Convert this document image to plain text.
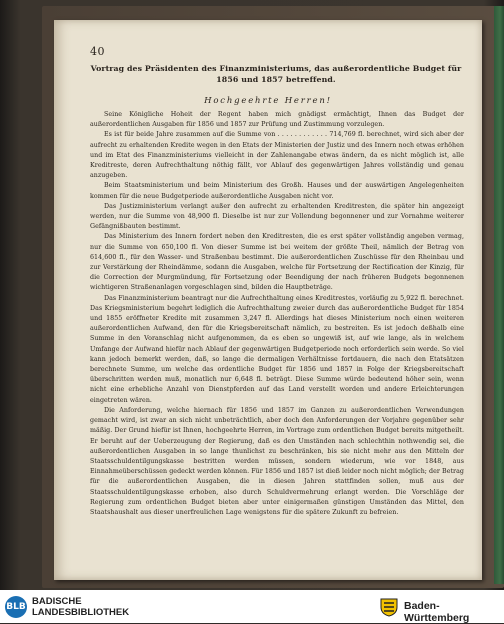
40
Vortrag des Präsidenten des Finanzministeriums, das außerordentliche Budget für 1856 und 1857 betreffend.
Hochgeehrte Herren!

Seine Königliche Hoheit der Regent haben mich gnädigst ermächtigt, Ihnen das Budget der außerordentlichen Ausgaben für 1856 und 1857 zur Prüfung und Zustimmung vorzulegen.

Es ist für beide Jahre zusammen auf die Summe von . . . . . . . . . . . . 714,769 fl. berechnet, wird sich aber der aufrecht zu erhaltenden Kredite wegen in den Etats der Ministerien der Justiz und des Innern noch etwas erhöhen und im Etat des Finanzministeriums vielleicht in der Zahlenangabe etwas ändern, da es nicht möglich ist, alle Kreditreste, deren Aufrechthaltung nöthig fällt, vor Ablauf des gegenwärtigen Jahres vollständig und genau anzugeben.

Beim Staatsministerium und beim Ministerium des Großh. Hauses und der auswärtigen Angelegenheiten kommen für die neue Budgetperiode außerordentliche Ausgaben nicht vor.

Das Justizministerium verlangt außer den aufrecht zu erhaltenden Kreditresten, die später hin angezeigt werden, nur die Summe von 48,900 fl. Dieselbe ist nur zur Vollendung begonnener und zur Vornahme weiterer Gefängnißbauten bestimmt.

Das Ministerium des Innern fordert neben den Kreditresten, die es erst später vollständig angeben vermag, nur die Summe von 650,100 fl. Von dieser Summe ist bei weitem der größte Theil, nämlich der Betrag von 614,600 fl., für den Wasser- und Straßenbau bestimmt. Die außerordentlichen Zuschüsse für den Rheinbau und zur Verstärkung der Rheindämme, sodann die Ausgaben, welche für Fortsetzung der Rectification der Kinzig, für die Correction der Murgmündung, für Fortsetzung oder Beendigung der nach früheren Budgets begonnenen wichtigeren Straßenanlagen vorgeschlagen sind, bilden die Hauptbeträge.

Das Finanzministerium beantragt nur die Aufrechthaltung eines Kreditrestes, vorläufig zu 5,922 fl. berechnet. Das Kriegsministerium begehrt lediglich die Aufrechthaltung zweier durch das außerordentliche Budget für 1854 und 1855 eröffneter Kredite mit zusammen 3,247 fl. Allerdings hat dieses Ministerium noch einen weiteren außerordentlichen Aufwand, den für die Kriegsbereitschaft nämlich, zu bestreiten. Es ist jedoch deßhalb eine Summe in den Voranschlag nicht aufgenommen, da es eben so ungewiß ist, auf wie lange, als in welchem Umfange der Aufwand hiefür nach Ablauf der gegenwärtigen Budgetperiode noch erforderlich sein werde. So viel kann jedoch bemerkt werden, daß, so lange die dermaligen Verhältnisse fortdauern, die nach den Etatsätzen berechnete Summe, um welche das ordentliche Budget für 1856 und 1857 in Folge der Kriegsbereitschaft überschritten werden muß, monatlich nur 6,648 fl. beträgt. Diese Summe würde bedeutend höher sein, wenn nicht eine erhebliche Anzahl von Dienstpferden auf das Land verstellt worden und andere Erleichterungen eingetreten wären.

Die Anforderung, welche hiernach für 1856 und 1857 im Ganzen zu außerordentlichen Verwendungen gemacht wird, ist zwar an sich nicht unbeträchtlich, aber doch den Anforderungen der Vorjahre gegenüber sehr mäßig. Der Grund hiefür ist Ihnen, hochgeehrte Herren, im Vortrage zum ordentlichen Budget bereits mitgetheilt. Er beruht auf der Ueberzeugung der Regierung, daß es den Umständen nach schlechthin nothwendig sei, die außerordentlichen Ausgaben in so lange thunlichst zu beschränken, bis sie nicht mehr aus den Mitteln der Staatsschuldentilgungskasse bestritten werden müssen, sondern wiederum, wie vor 1848, aus Einnahmeüberschüssen gedeckt werden können. Für 1856 und 1857 ist dieß leider noch nicht möglich; der Betrag für die außerordentlichen Ausgaben, die in diesen Jahren stattfinden sollen, muß aus der Staatsschuldentilgungskasse erhoben, also durch Schuldvermehrung erlangt werden. Die Vorschläge der Regierung zum ordentlichen Budget bieten aber unter einigermaßen günstigen Umständen das Mittel, den Staatshaushalt aus dieser unerfreulichen Lage wenigstens für die spätere Zukunft zu befreien.

BLB BADISCHE
LANDESBIBLIOTHEK
Baden-Württemberg
